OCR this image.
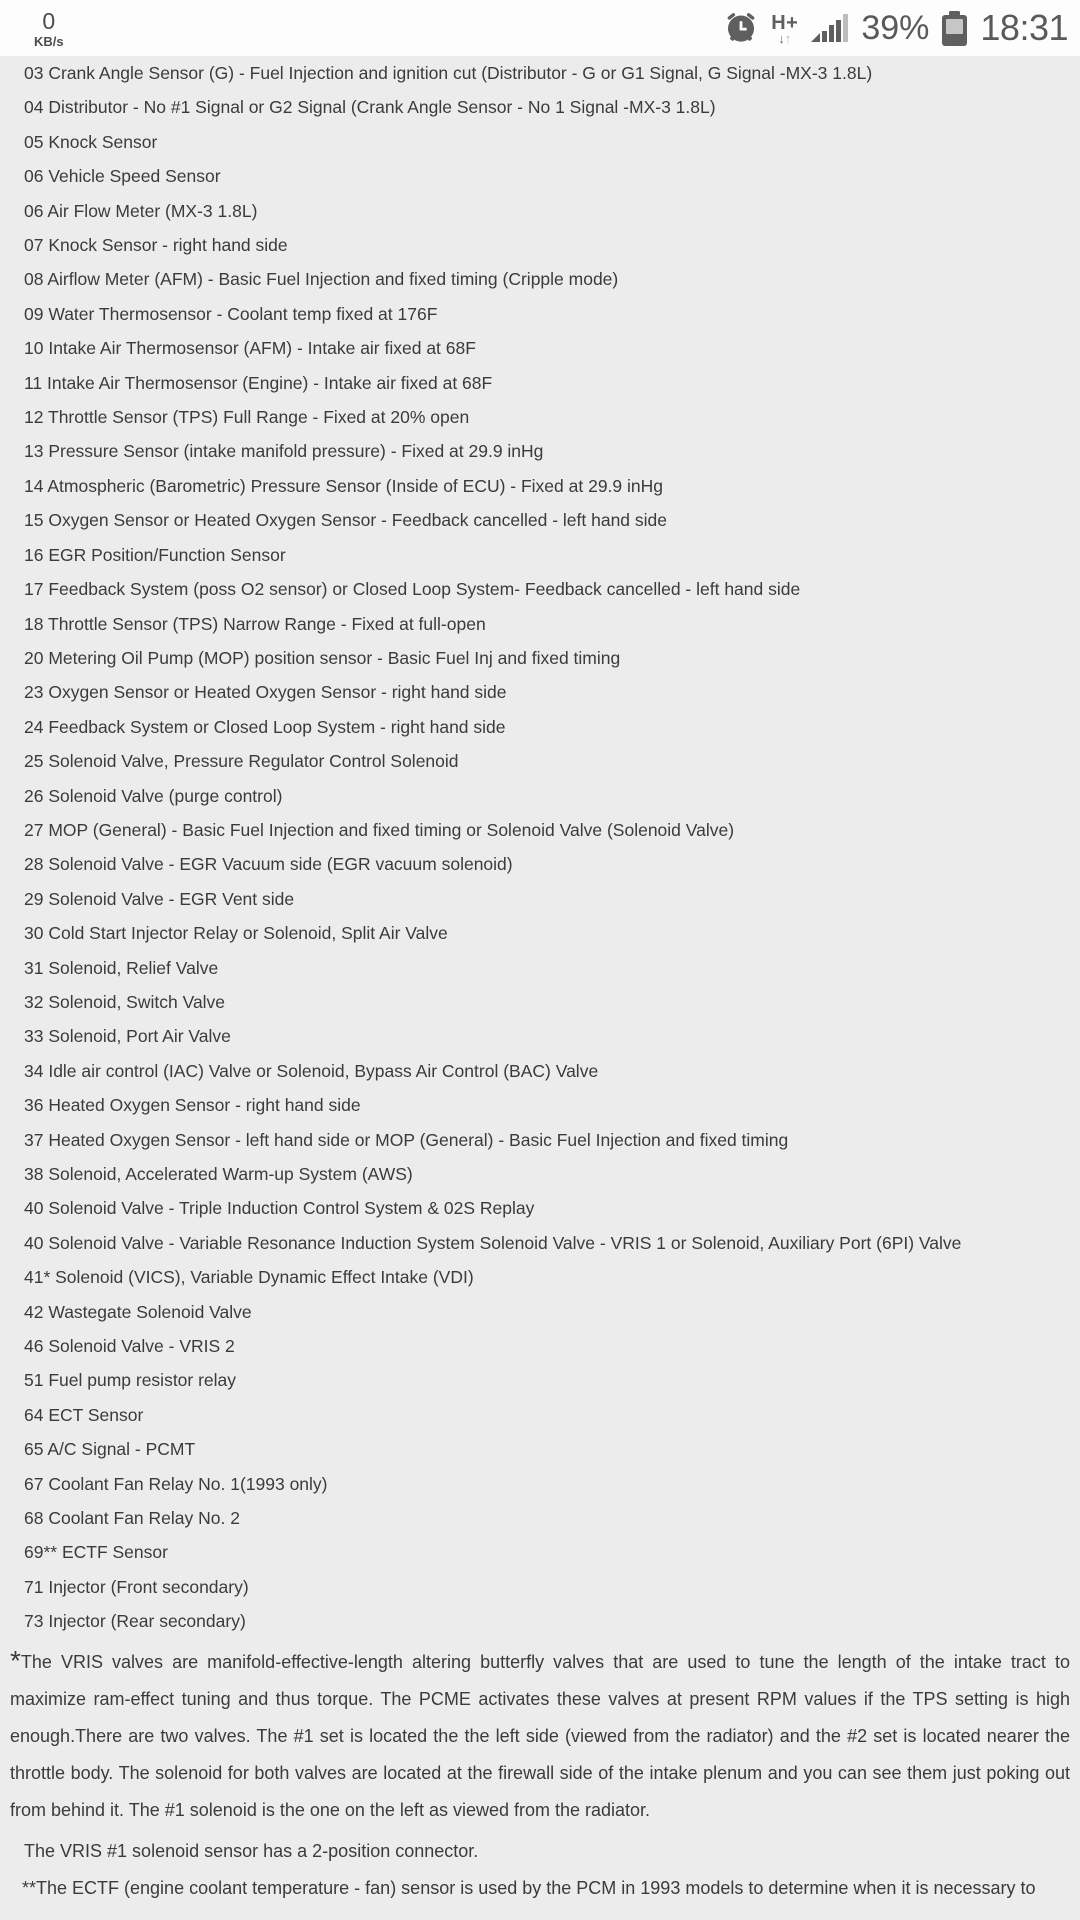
0
KB/s
H+
↓↑ 39% 18:31

03 Crank Angle Sensor (G) - Fuel Injection and ignition cut (Distributor - G or G1 Signal, G Signal -MX-3 1.8L)

04 Distributor - No #1 Signal or G2 Signal (Crank Angle Sensor - No 1 Signal -MX-3 1.8L)

05 Knock Sensor

06 Vehicle Speed Sensor

06 Air Flow Meter (MX-3 1.8L)

07 Knock Sensor - right hand side

08 Airflow Meter (AFM) - Basic Fuel Injection and fixed timing (Cripple mode)

09 Water Thermosensor - Coolant temp fixed at 176F

10 Intake Air Thermosensor (AFM) - Intake air fixed at 68F

11 Intake Air Thermosensor (Engine) - Intake air fixed at 68F

12 Throttle Sensor (TPS) Full Range - Fixed at 20% open

13 Pressure Sensor (intake manifold pressure) - Fixed at 29.9 inHg

14 Atmospheric (Barometric) Pressure Sensor (Inside of ECU) - Fixed at 29.9 inHg

15 Oxygen Sensor or Heated Oxygen Sensor - Feedback cancelled - left hand side

16 EGR Position/Function Sensor

17 Feedback System (poss O2 sensor) or Closed Loop System- Feedback cancelled - left hand side

18 Throttle Sensor (TPS) Narrow Range - Fixed at full-open

20 Metering Oil Pump (MOP) position sensor - Basic Fuel Inj and fixed timing

23 Oxygen Sensor or Heated Oxygen Sensor - right hand side

24 Feedback System or Closed Loop System - right hand side

25 Solenoid Valve, Pressure Regulator Control Solenoid

26 Solenoid Valve (purge control)

27 MOP (General) - Basic Fuel Injection and fixed timing or Solenoid Valve (Solenoid Valve)

28 Solenoid Valve - EGR Vacuum side (EGR vacuum solenoid)

29 Solenoid Valve - EGR Vent side

30 Cold Start Injector Relay or Solenoid, Split Air Valve

31 Solenoid, Relief Valve

32 Solenoid, Switch Valve

33 Solenoid, Port Air Valve

34 Idle air control (IAC) Valve or Solenoid, Bypass Air Control (BAC) Valve

36 Heated Oxygen Sensor - right hand side

37 Heated Oxygen Sensor - left hand side or MOP (General) - Basic Fuel Injection and fixed timing

38 Solenoid, Accelerated Warm-up System (AWS)

40 Solenoid Valve - Triple Induction Control System & 02S Replay

40 Solenoid Valve - Variable Resonance Induction System Solenoid Valve - VRIS 1 or Solenoid, Auxiliary Port (6PI) Valve

41* Solenoid (VICS), Variable Dynamic Effect Intake (VDI)

42 Wastegate Solenoid Valve

46 Solenoid Valve - VRIS 2

51 Fuel pump resistor relay

64 ECT Sensor

65 A/C Signal - PCMT

67 Coolant Fan Relay No. 1(1993 only)

68 Coolant Fan Relay No. 2

69** ECTF Sensor

71 Injector (Front secondary)

73 Injector (Rear secondary)

*The VRIS valves are manifold-effective-length altering butterfly valves that are used to tune the length of the intake tract to maximize ram-effect tuning and thus torque. The PCME activates these valves at present RPM values if the TPS setting is high enough.There are two valves. The #1 set is located the the left side (viewed from the radiator) and the #2 set is located nearer the throttle body. The solenoid for both valves are located at the firewall side of the intake plenum and you can see them just poking out from behind it. The #1 solenoid is the one on the left as viewed from the radiator.

The VRIS #1 solenoid sensor has a 2-position connector.

**The ECTF (engine coolant temperature - fan) sensor is used by the PCM in 1993 models to determine when it is necessary to
